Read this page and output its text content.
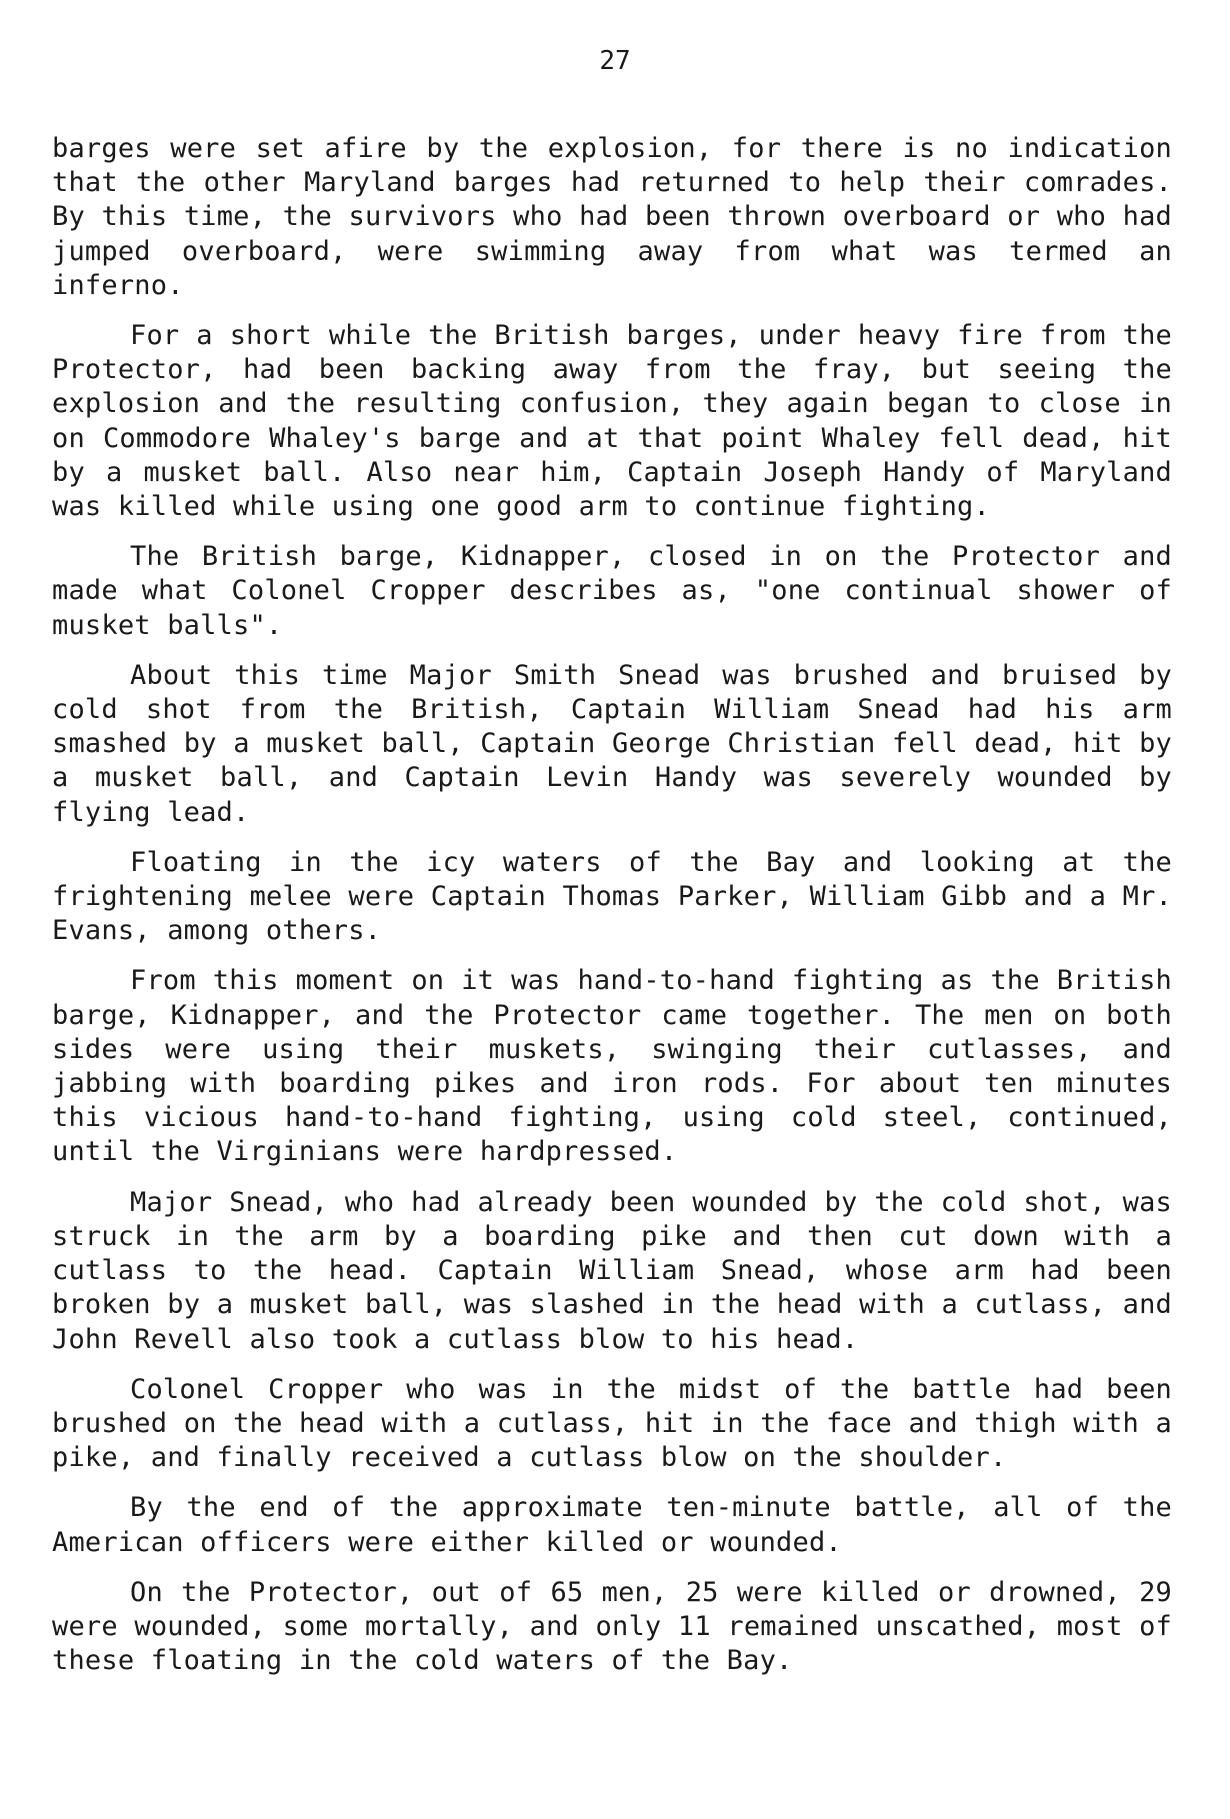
27

barges were set afire by the explosion, for there is no indication that the other Maryland barges had returned to help their comrades. By this time, the survivors who had been thrown overboard or who had jumped overboard, were swimming away from what was termed an inferno.

For a short while the British barges, under heavy fire from the Protector, had been backing away from the fray, but seeing the explosion and the resulting confusion, they again began to close in on Commodore Whaley's barge and at that point Whaley fell dead, hit by a musket ball. Also near him, Captain Joseph Handy of Maryland was killed while using one good arm to continue fighting.

The British barge, Kidnapper, closed in on the Protector and made what Colonel Cropper describes as, "one continual shower of musket balls".

About this time Major Smith Snead was brushed and bruised by cold shot from the British, Captain William Snead had his arm smashed by a musket ball, Captain George Christian fell dead, hit by a musket ball, and Captain Levin Handy was severely wounded by flying lead.

Floating in the icy waters of the Bay and looking at the frightening melee were Captain Thomas Parker, William Gibb and a Mr. Evans, among others.

From this moment on it was hand-to-hand fighting as the British barge, Kidnapper, and the Protector came together. The men on both sides were using their muskets, swinging their cutlasses, and jabbing with boarding pikes and iron rods. For about ten minutes this vicious hand-to-hand fighting, using cold steel, continued, until the Virginians were hardpressed.

Major Snead, who had already been wounded by the cold shot, was struck in the arm by a boarding pike and then cut down with a cutlass to the head. Captain William Snead, whose arm had been broken by a musket ball, was slashed in the head with a cutlass, and John Revell also took a cutlass blow to his head.

Colonel Cropper who was in the midst of the battle had been brushed on the head with a cutlass, hit in the face and thigh with a pike, and finally received a cutlass blow on the shoulder.

By the end of the approximate ten-minute battle, all of the American officers were either killed or wounded.

On the Protector, out of 65 men, 25 were killed or drowned, 29 were wounded, some mortally, and only 11 remained unscathed, most of these floating in the cold waters of the Bay.
